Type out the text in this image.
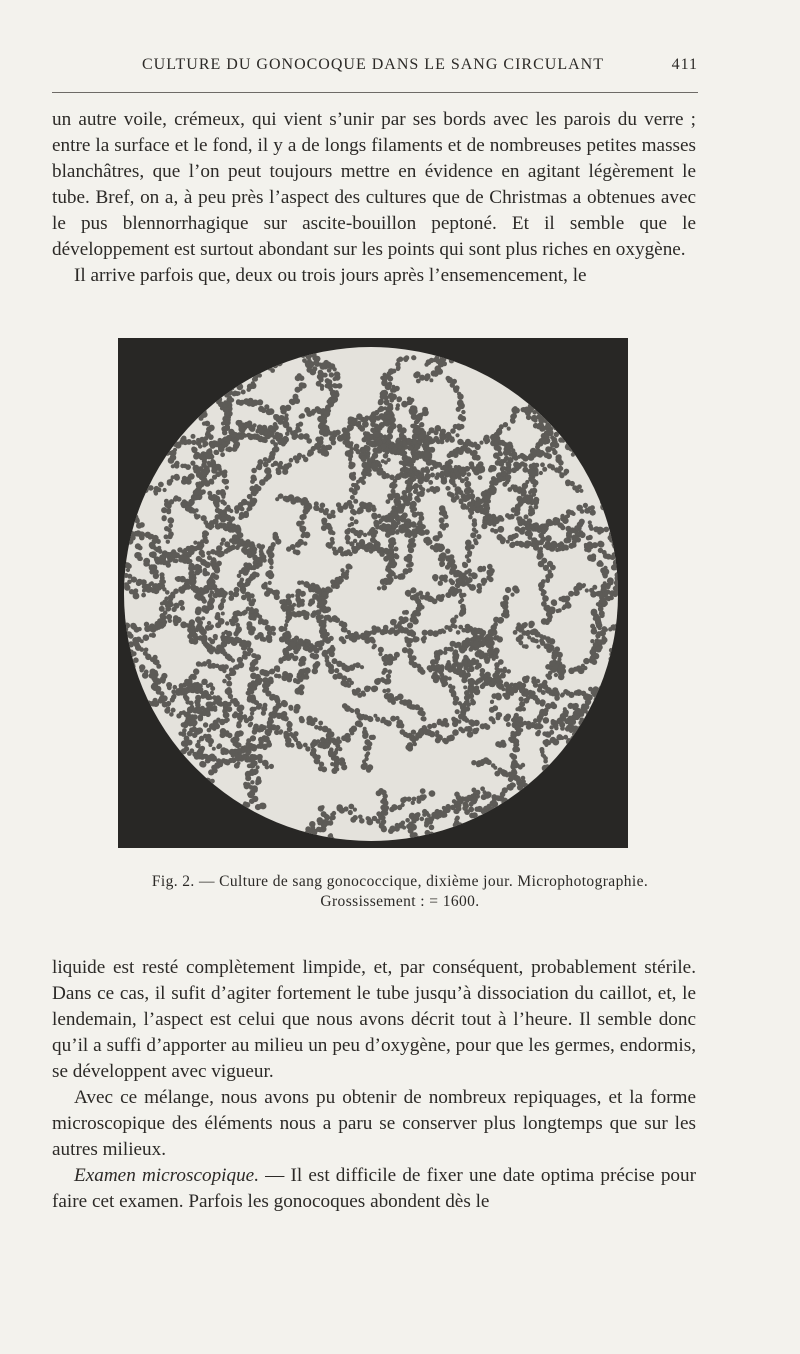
CULTURE DU GONOCOQUE DANS LE SANG CIRCULANT	411

un autre voile, crémeux, qui vient s’unir par ses bords avec les parois du verre ; entre la surface et le fond, il y a de longs filaments et de nombreuses petites masses blanchâtres, que l’on peut toujours mettre en évidence en agitant légèrement le tube. Bref, on a, à peu près l’aspect des cultures que de Christmas a obtenues avec le pus blennorrhagique sur ascite-bouillon peptoné. Et il semble que le développement est surtout abondant sur les points qui sont plus riches en oxygène.

Il arrive parfois que, deux ou trois jours après l’ensemencement, le

Fig. 2. — Culture de sang gonococcique, dixième jour. Microphotographie.
Grossissement : = 1600.

liquide est resté complètement limpide, et, par conséquent, probablement stérile. Dans ce cas, il sufit d’agiter fortement le tube jusqu’à dissociation du caillot, et, le lendemain, l’aspect est celui que nous avons décrit tout à l’heure. Il semble donc qu’il a suffi d’apporter au milieu un peu d’oxygène, pour que les germes, endormis, se développent avec vigueur.

Avec ce mélange, nous avons pu obtenir de nombreux repiquages, et la forme microscopique des éléments nous a paru se conserver plus longtemps que sur les autres milieux.

Examen microscopique. — Il est difficile de fixer une date optima précise pour faire cet examen. Parfois les gonocoques abondent dès le
